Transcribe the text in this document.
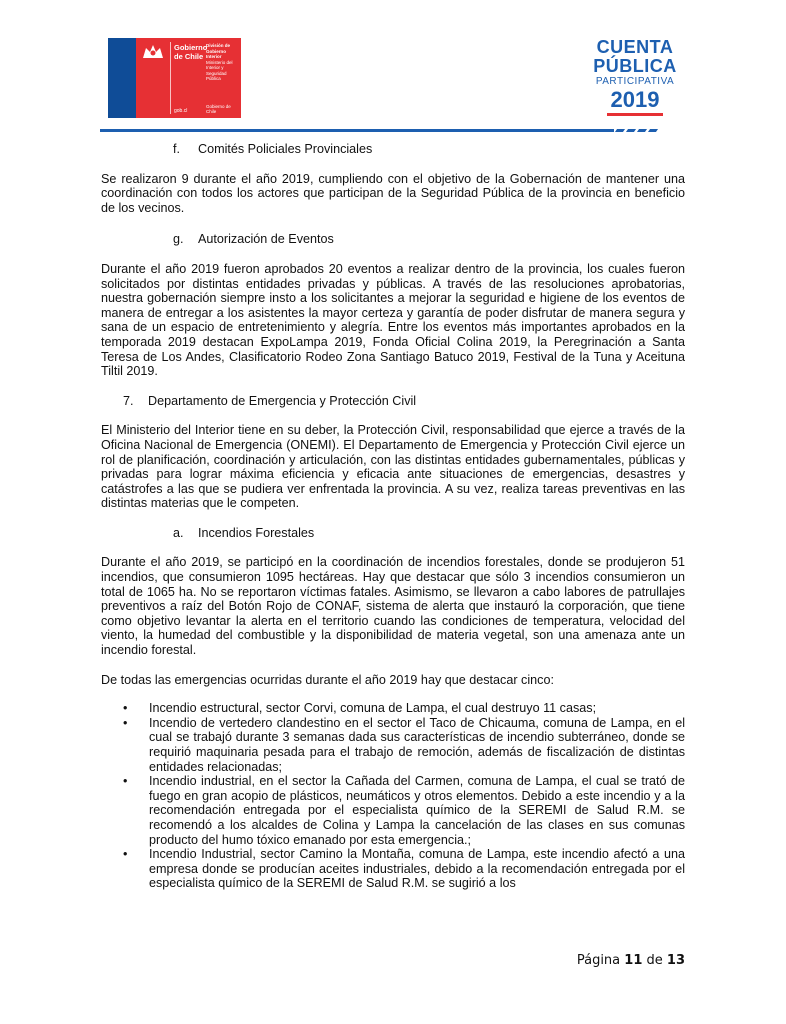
Gobierno de Chile
División de Gobierno Interior
Ministerio del Interior y Seguridad Pública
gob.cl
Gobierno de Chile
CUENTA
PÚBLICA
PARTICIPATIVA
2019

f. Comités Policiales Provinciales

Se realizaron 9 durante el año 2019, cumpliendo con el objetivo de la Gobernación de mantener una coordinación con todos los actores que participan de la Seguridad Pública de la provincia en beneficio de los vecinos.

g. Autorización de Eventos

Durante el año 2019 fueron aprobados 20 eventos a realizar dentro de la provincia, los cuales fueron solicitados por distintas entidades privadas y públicas. A través de las resoluciones aprobatorias, nuestra gobernación siempre insto a los solicitantes a mejorar la seguridad e higiene de los eventos de manera de entregar a los asistentes la mayor certeza y garantía de poder disfrutar de manera segura y sana de un espacio de entretenimiento y alegría. Entre los eventos más importantes aprobados en la temporada 2019 destacan ExpoLampa 2019, Fonda Oficial Colina 2019, la Peregrinación a Santa Teresa de Los Andes, Clasificatorio Rodeo Zona Santiago Batuco 2019, Festival de la Tuna y Aceituna Tiltil 2019.

7. Departamento de Emergencia y Protección Civil

El Ministerio del Interior tiene en su deber, la Protección Civil, responsabilidad que ejerce a través de la Oficina Nacional de Emergencia (ONEMI). El Departamento de Emergencia y Protección Civil ejerce un rol de planificación, coordinación y articulación, con las distintas entidades gubernamentales, públicas y privadas para lograr máxima eficiencia y eficacia ante situaciones de emergencias, desastres y catástrofes a las que se pudiera ver enfrentada la provincia. A su vez, realiza tareas preventivas en las distintas materias que le competen.

a. Incendios Forestales

Durante el año 2019, se participó en la coordinación de incendios forestales, donde se produjeron 51 incendios, que consumieron 1095 hectáreas. Hay que destacar que sólo 3 incendios consumieron un total de 1065 ha. No se reportaron víctimas fatales. Asimismo, se llevaron a cabo labores de patrullajes preventivos a raíz del Botón Rojo de CONAF, sistema de alerta que instauró la corporación, que tiene como objetivo levantar la alerta en el territorio cuando las condiciones de temperatura, velocidad del viento, la humedad del combustible y la disponibilidad de materia vegetal, son una amenaza ante un incendio forestal.

De todas las emergencias ocurridas durante el año 2019 hay que destacar cinco:

• Incendio estructural, sector Corvi, comuna de Lampa, el cual destruyo 11 casas;
• Incendio de vertedero clandestino en el sector el Taco de Chicauma, comuna de Lampa, en el cual se trabajó durante 3 semanas dada sus características de incendio subterráneo, donde se requirió maquinaria pesada para el trabajo de remoción, además de fiscalización de distintas entidades relacionadas;
• Incendio industrial, en el sector la Cañada del Carmen, comuna de Lampa, el cual se trató de fuego en gran acopio de plásticos, neumáticos y otros elementos. Debido a este incendio y a la recomendación entregada por el especialista químico de la SEREMI de Salud R.M. se recomendó a los alcaldes de Colina y Lampa la cancelación de las clases en sus comunas producto del humo tóxico emanado por esta emergencia.;
• Incendio Industrial, sector Camino la Montaña, comuna de Lampa, este incendio afectó a una empresa donde se producían aceites industriales, debido a la recomendación entregada por el especialista químico de la SEREMI de Salud R.M. se sugirió a los
Página 11 de 13
